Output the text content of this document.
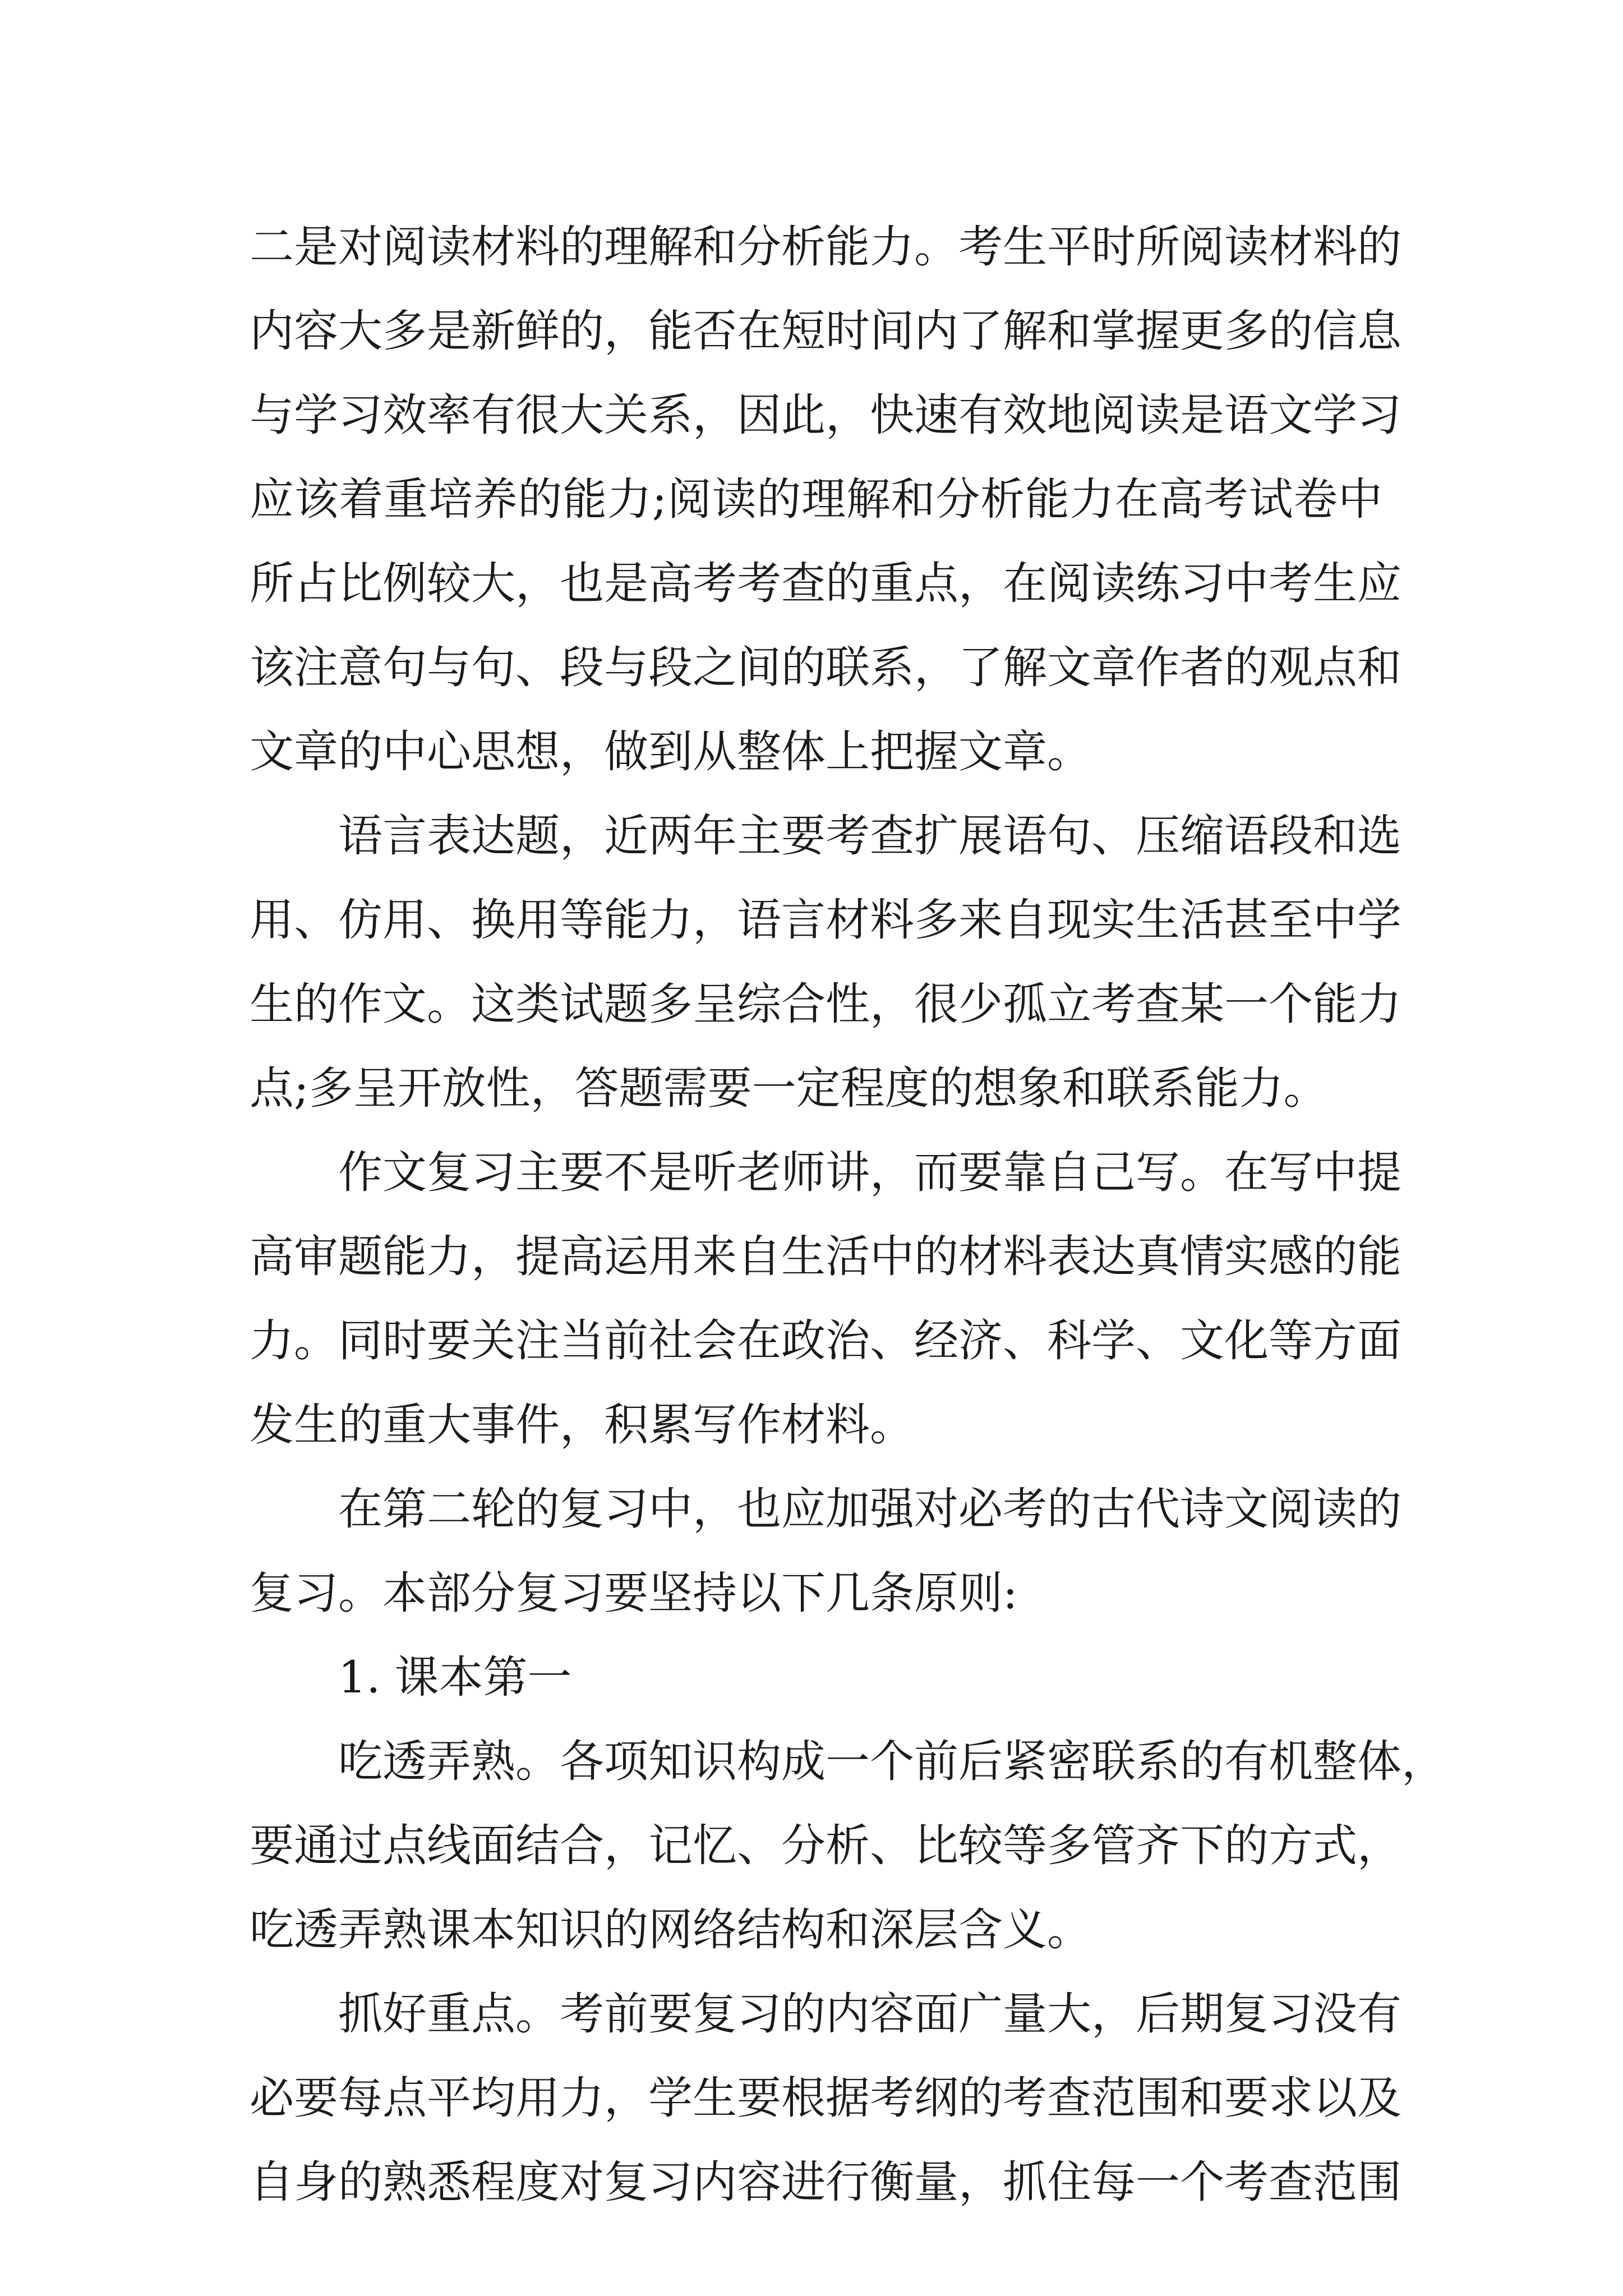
二是对阅读材料的理解和分析能力。考生平时所阅读材料的
内容大多是新鲜的，能否在短时间内了解和掌握更多的信息
与学习效率有很大关系，因此，快速有效地阅读是语文学习
应该着重培养的能力;阅读的理解和分析能力在高考试卷中
所占比例较大，也是高考考查的重点，在阅读练习中考生应
该注意句与句、段与段之间的联系，了解文章作者的观点和
文章的中心思想，做到从整体上把握文章。
语言表达题，近两年主要考查扩展语句、压缩语段和选
用、仿用、换用等能力，语言材料多来自现实生活甚至中学
生的作文。这类试题多呈综合性，很少孤立考查某一个能力
点;多呈开放性，答题需要一定程度的想象和联系能力。
作文复习主要不是听老师讲，而要靠自己写。在写中提
高审题能力，提高运用来自生活中的材料表达真情实感的能
力。同时要关注当前社会在政治、经济、科学、文化等方面
发生的重大事件，积累写作材料。
在第二轮的复习中，也应加强对必考的古代诗文阅读的
复习。本部分复习要坚持以下几条原则:
1. 课本第一
吃透弄熟。各项知识构成一个前后紧密联系的有机整体，
要通过点线面结合，记忆、分析、比较等多管齐下的方式，
吃透弄熟课本知识的网络结构和深层含义。
抓好重点。考前要复习的内容面广量大，后期复习没有
必要每点平均用力，学生要根据考纲的考查范围和要求以及
自身的熟悉程度对复习内容进行衡量，抓住每一个考查范围
